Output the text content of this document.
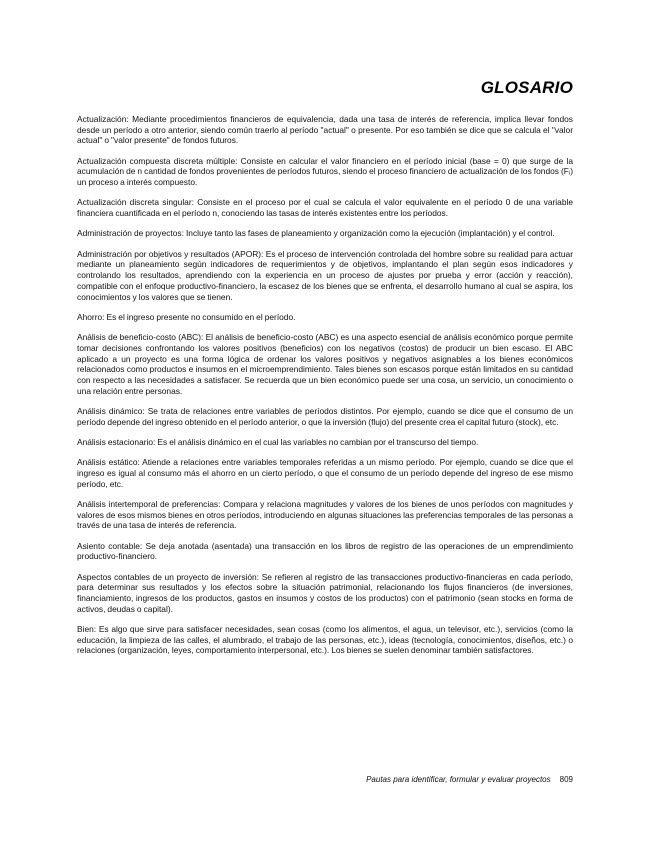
GLOSARIO
Actualización: Mediante procedimientos financieros de equivalencia, dada una tasa de interés de referencia, implica llevar fondos desde un período a otro anterior, siendo común traerlo al período "actual" o presente. Por eso también se dice que se calcula el "valor actual" o "valor presente" de fondos futuros.
Actualización compuesta discreta múltiple: Consiste en calcular el valor financiero en el período inicial (base = 0) que surge de la acumulación de n cantidad de fondos provenientes de períodos futuros, siendo el proceso financiero de actualización de los fondos (Fᵢ) un proceso a interés compuesto.
Actualización discreta singular: Consiste en el proceso por el cual se calcula el valor equivalente en el período 0 de una variable financiera cuantificada en el período n, conociendo las tasas de interés existentes entre los períodos.
Administración de proyectos: Incluye tanto las fases de planeamiento y organización como la ejecución (implantación) y el control.
Administración por objetivos y resultados (APOR): Es el proceso de intervención controlada del hombre sobre su realidad para actuar mediante un planeamiento según indicadores de requerimientos y de objetivos, implantando el plan según esos indicadores y controlando los resultados, aprendiendo con la experiencia en un proceso de ajustes por prueba y error (acción y reacción), compatible con el enfoque productivo-financiero, la escasez de los bienes que se enfrenta, el desarrollo humano al cual se aspira, los conocimientos y los valores que se tienen.
Ahorro: Es el ingreso presente no consumido en el período.
Análisis de beneficio-costo (ABC): El análisis de beneficio-costo (ABC) es una aspecto esencial de análisis económico porque permite tomar decisiones confrontando los valores positivos (beneficios) con los negativos (costos) de producir un bien escaso. El ABC aplicado a un proyecto es una forma lógica de ordenar los valores positivos y negativos asignables a los bienes económicos relacionados como productos e insumos en el microemprendimiento. Tales bienes son escasos porque están limitados en su cantidad con respecto a las necesidades a satisfacer. Se recuerda que un bien económico puede ser una cosa, un servicio, un conocimiento o una relación entre personas.
Análisis dinámico: Se trata de relaciones entre variables de períodos distintos. Por ejemplo, cuando se dice que el consumo de un período depende del ingreso obtenido en el período anterior, o que la inversión (flujo) del presente crea el capital futuro (stock), etc.
Análisis estacionario: Es el análisis dinámico en el cual las variables no cambian por el transcurso del tiempo.
Análisis estático: Atiende a relaciones entre variables temporales referidas a un mismo período. Por ejemplo, cuando se dice que el ingreso es igual al consumo más el ahorro en un cierto período, o que el consumo de un período depende del ingreso de ese mismo período, etc.
Análisis intertemporal de preferencias: Compara y relaciona magnitudes y valores de los bienes de unos períodos con magnitudes y valores de esos mismos bienes en otros períodos, introduciendo en algunas situaciones las preferencias temporales de las personas a través de una tasa de interés de referencia.
Asiento contable: Se deja anotada (asentada) una transacción en los libros de registro de las operaciones de un emprendimiento productivo-financiero.
Aspectos contables de un proyecto de inversión: Se refieren al registro de las transacciones productivo-financieras en cada período, para determinar sus resultados y los efectos sobre la situación patrimonial, relacionando los flujos financieros (de inversiones, financiamiento, ingresos de los productos, gastos en insumos y costos de los productos) con el patrimonio (sean stocks en forma de activos, deudas o capital).
Bien: Es algo que sirve para satisfacer necesidades, sean cosas (como los alimentos, el agua, un televisor, etc.), servicios (como la educación, la limpieza de las calles, el alumbrado, el trabajo de las personas, etc.), ideas (tecnología, conocimientos, diseños, etc.) o relaciones (organización, leyes, comportamiento interpersonal, etc.). Los bienes se suelen denominar también satisfactores.
Pautas para identificar, formular y evaluar proyectos 809
